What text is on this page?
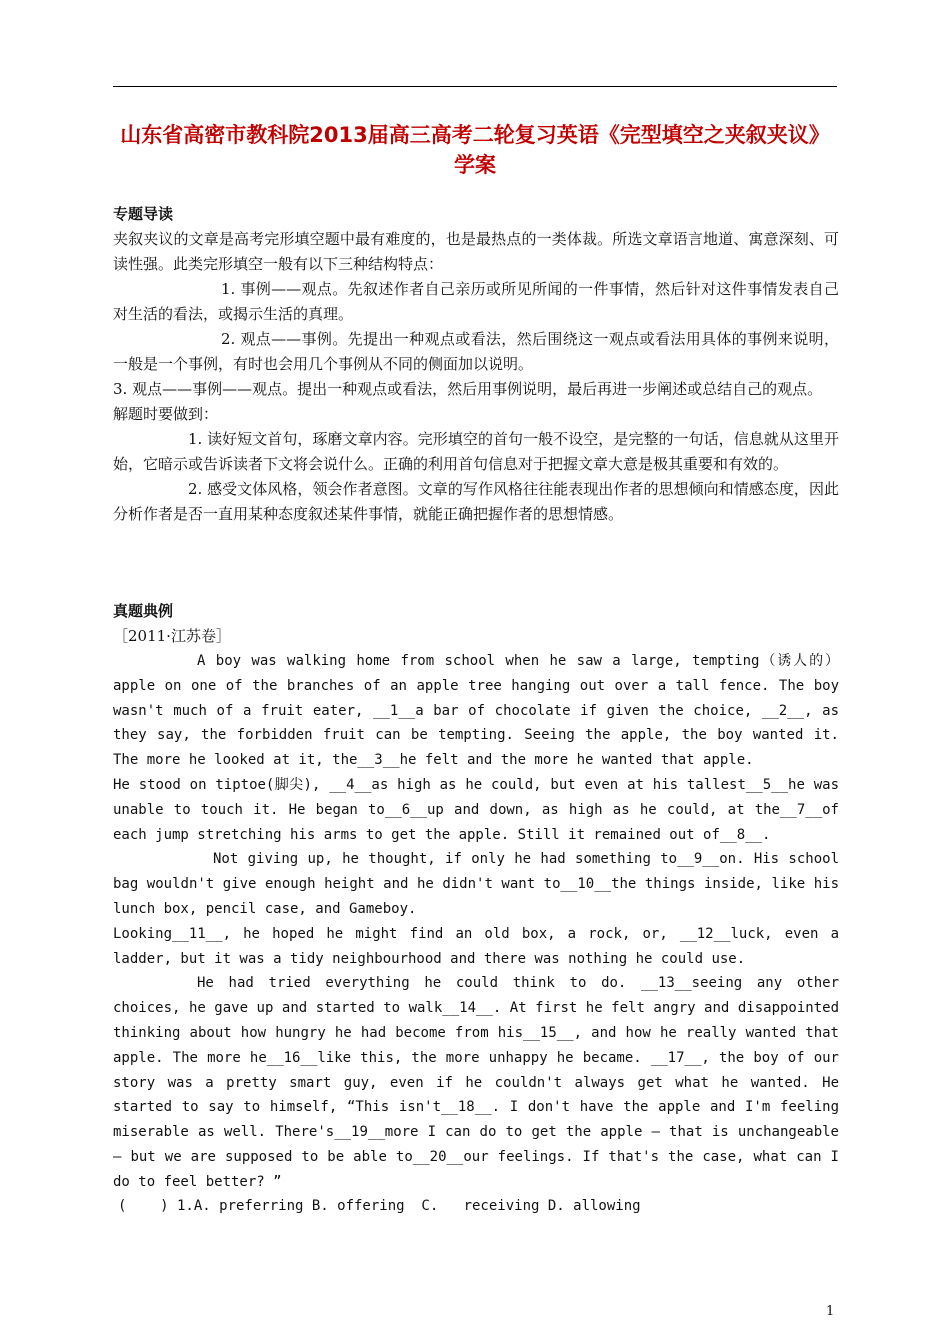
山东省高密市教科院2013届高三高考二轮复习英语《完型填空之夹叙夹议》学案
专题导读

夹叙夹议的文章是高考完形填空题中最有难度的，也是最热点的一类体裁。所选文章语言地道、寓意深刻、可读性强。此类完形填空一般有以下三种结构特点：

1. 事例——观点。先叙述作者自己亲历或所见所闻的一件事情，然后针对这件事情发表自己对生活的看法，或揭示生活的真理。

2. 观点——事例。先提出一种观点或看法，然后围绕这一观点或看法用具体的事例来说明，一般是一个事例，有时也会用几个事例从不同的侧面加以说明。

3. 观点——事例——观点。提出一种观点或看法，然后用事例说明，最后再进一步阐述或总结自己的观点。

解题时要做到：

1. 读好短文首句，琢磨文章内容。完形填空的首句一般不设空，是完整的一句话，信息就从这里开始，它暗示或告诉读者下文将会说什么。正确的利用首句信息对于把握文章大意是极其重要和有效的。

2. 感受文体风格，领会作者意图。文章的写作风格往往能表现出作者的思想倾向和情感态度，因此分析作者是否一直用某种态度叙述某件事情，就能正确把握作者的思想情感。

真题典例
［2011·江苏卷］

A boy was walking home from school when he saw a large, tempting（诱人的）apple on one of the branches of an apple tree hanging out over a tall fence. The boy wasn't much of a fruit eater, __1__a bar of chocolate if given the choice, __2__, as they say, the forbidden fruit can be tempting. Seeing the apple, the boy wanted it. The more he looked at it, the__3__he felt and the more he wanted that apple.

He stood on tiptoe(脚尖), __4__as high as he could, but even at his tallest__5__he was unable to touch it. He began to__6__up and down, as high as he could, at the__7__of each jump stretching his arms to get the apple. Still it remained out of__8__.

Not giving up, he thought, if only he had something to__9__on. His school bag wouldn't give enough height and he didn't want to__10__the things inside, like his lunch box, pencil case, and Gameboy.

Looking__11__, he hoped he might find an old box, a rock, or, __12__luck, even a ladder, but it was a tidy neighbourhood and there was nothing he could use.

He had tried everything he could think to do. __13__seeing any other choices, he gave up and started to walk__14__. At first he felt angry and disappointed thinking about how hungry he had become from his__15__, and how he really wanted that apple. The more he__16__like this, the more unhappy he became. __17__, the boy of our story was a pretty smart guy, even if he couldn't always get what he wanted. He started to say to himself, “This isn't__18__. I don't have the apple and I'm feeling miserable as well. There's__19__more I can do to get the apple — that is unchangeable — but we are supposed to be able to__20__our feelings. If that's the case, what can I do to feel better? ”

(    ) 1.A. preferring B. offering  C.   receiving D. allowing
1
